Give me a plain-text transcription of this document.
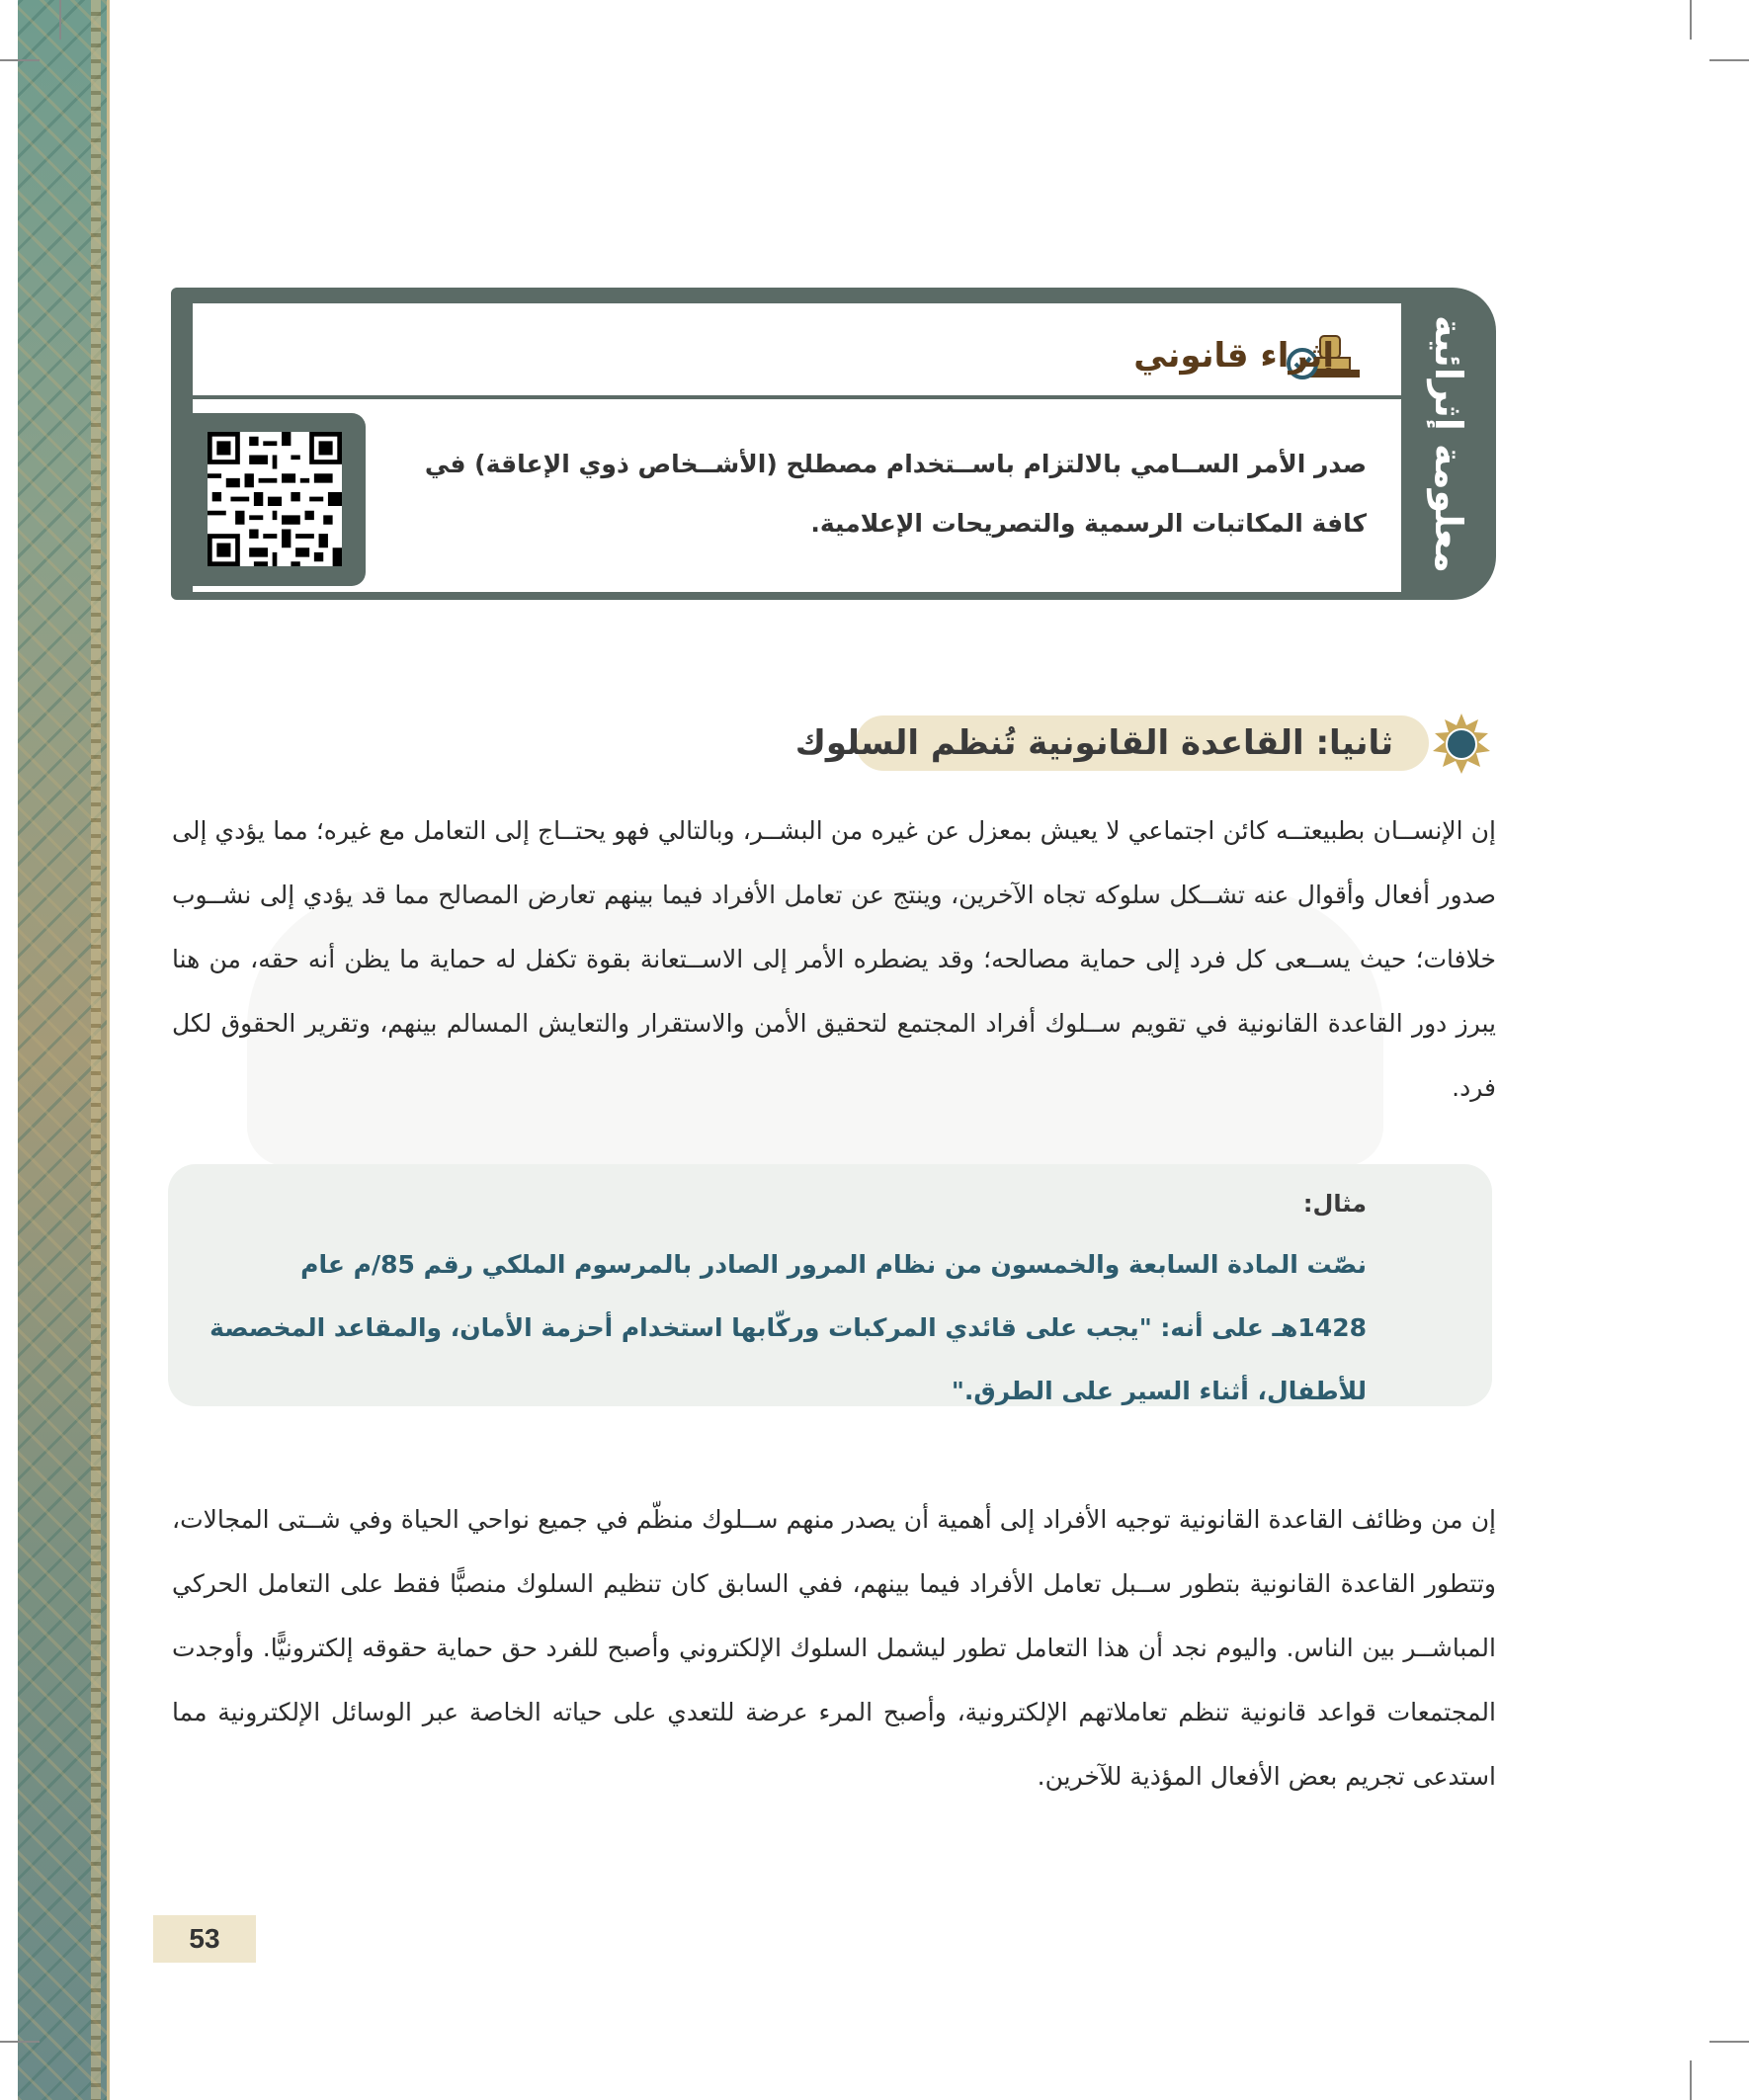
معلومة إثرائية
إثراء قانوني
صدر الأمر الســامي بالالتزام باســتخدام مصطلح (الأشــخاص ذوي الإعاقة) في كافة المكاتبات الرسمية والتصريحات الإعلامية.
ثانيا: القاعدة القانونية تُنظم السلوك
إن الإنســان بطبيعتــه كائن اجتماعي لا يعيش بمعزل عن غيره من البشــر، وبالتالي فهو يحتــاج إلى التعامل مع غيره؛ مما يؤدي إلى صدور أفعال وأقوال عنه تشــكل سلوكه تجاه الآخرين، وينتج عن تعامل الأفراد فيما بينهم تعارض المصالح مما قد يؤدي إلى نشــوب خلافات؛ حيث يســعى كل فرد إلى حماية مصالحه؛ وقد يضطره الأمر إلى الاســتعانة بقوة تكفل له حماية ما يظن أنه حقه، من هنا يبرز دور القاعدة القانونية في تقويم ســلوك أفراد المجتمع لتحقيق الأمن والاستقرار والتعايش المسالم بينهم، وتقرير الحقوق لكل فرد.
مثال:
نصّت المادة السابعة والخمسون من نظام المرور الصادر بالمرسوم الملكي رقم 85/م عام 1428هـ على أنه: "يجب على قائدي المركبات وركّابها استخدام أحزمة الأمان، والمقاعد المخصصة للأطفال، أثناء السير على الطرق."
إن من وظائف القاعدة القانونية توجيه الأفراد إلى أهمية أن يصدر منهم ســلوك منظّم في جميع نواحي الحياة وفي شــتى المجالات، وتتطور القاعدة القانونية بتطور ســبل تعامل الأفراد فيما بينهم، ففي السابق كان تنظيم السلوك منصبًّا فقط على التعامل الحركي المباشــر بين الناس. واليوم نجد أن هذا التعامل تطور ليشمل السلوك الإلكتروني وأصبح للفرد حق حماية حقوقه إلكترونيًّا. وأوجدت المجتمعات قواعد قانونية تنظم تعاملاتهم الإلكترونية، وأصبح المرء عرضة للتعدي على حياته الخاصة عبر الوسائل الإلكترونية مما استدعى تجريم بعض الأفعال المؤذية للآخرين.
53
